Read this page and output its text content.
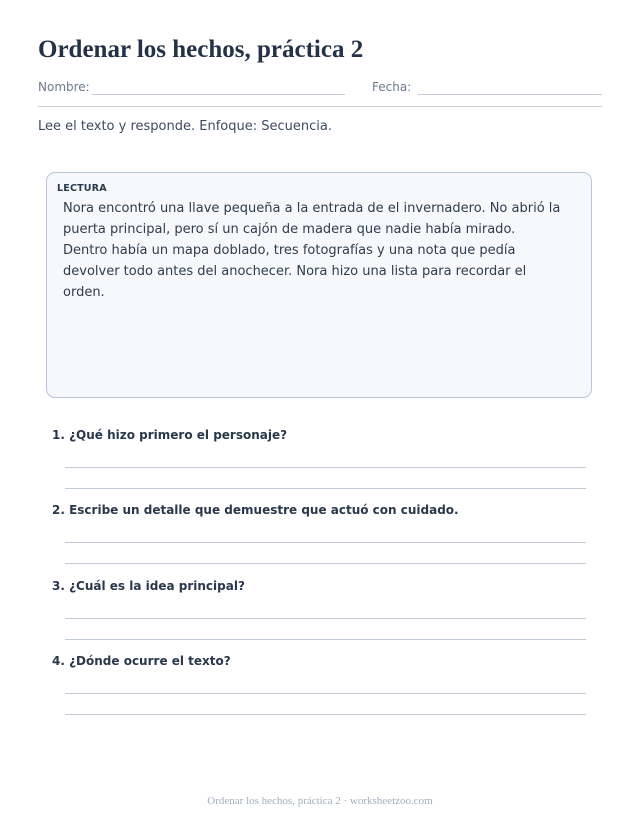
Ordenar los hechos, práctica 2
Nombre:	Fecha:
Lee el texto y responde. Enfoque: Secuencia.
LECTURA

Nora encontró una llave pequeña a la entrada de el invernadero. No abrió la puerta principal, pero sí un cajón de madera que nadie había mirado. Dentro había un mapa doblado, tres fotografías y una nota que pedía devolver todo antes del anochecer. Nora hizo una lista para recordar el orden.

1. ¿Qué hizo primero el personaje?
2. Escribe un detalle que demuestre que actuó con cuidado.
3. ¿Cuál es la idea principal?
4. ¿Dónde ocurre el texto?
Ordenar los hechos, práctica 2 · worksheetzoo.com
